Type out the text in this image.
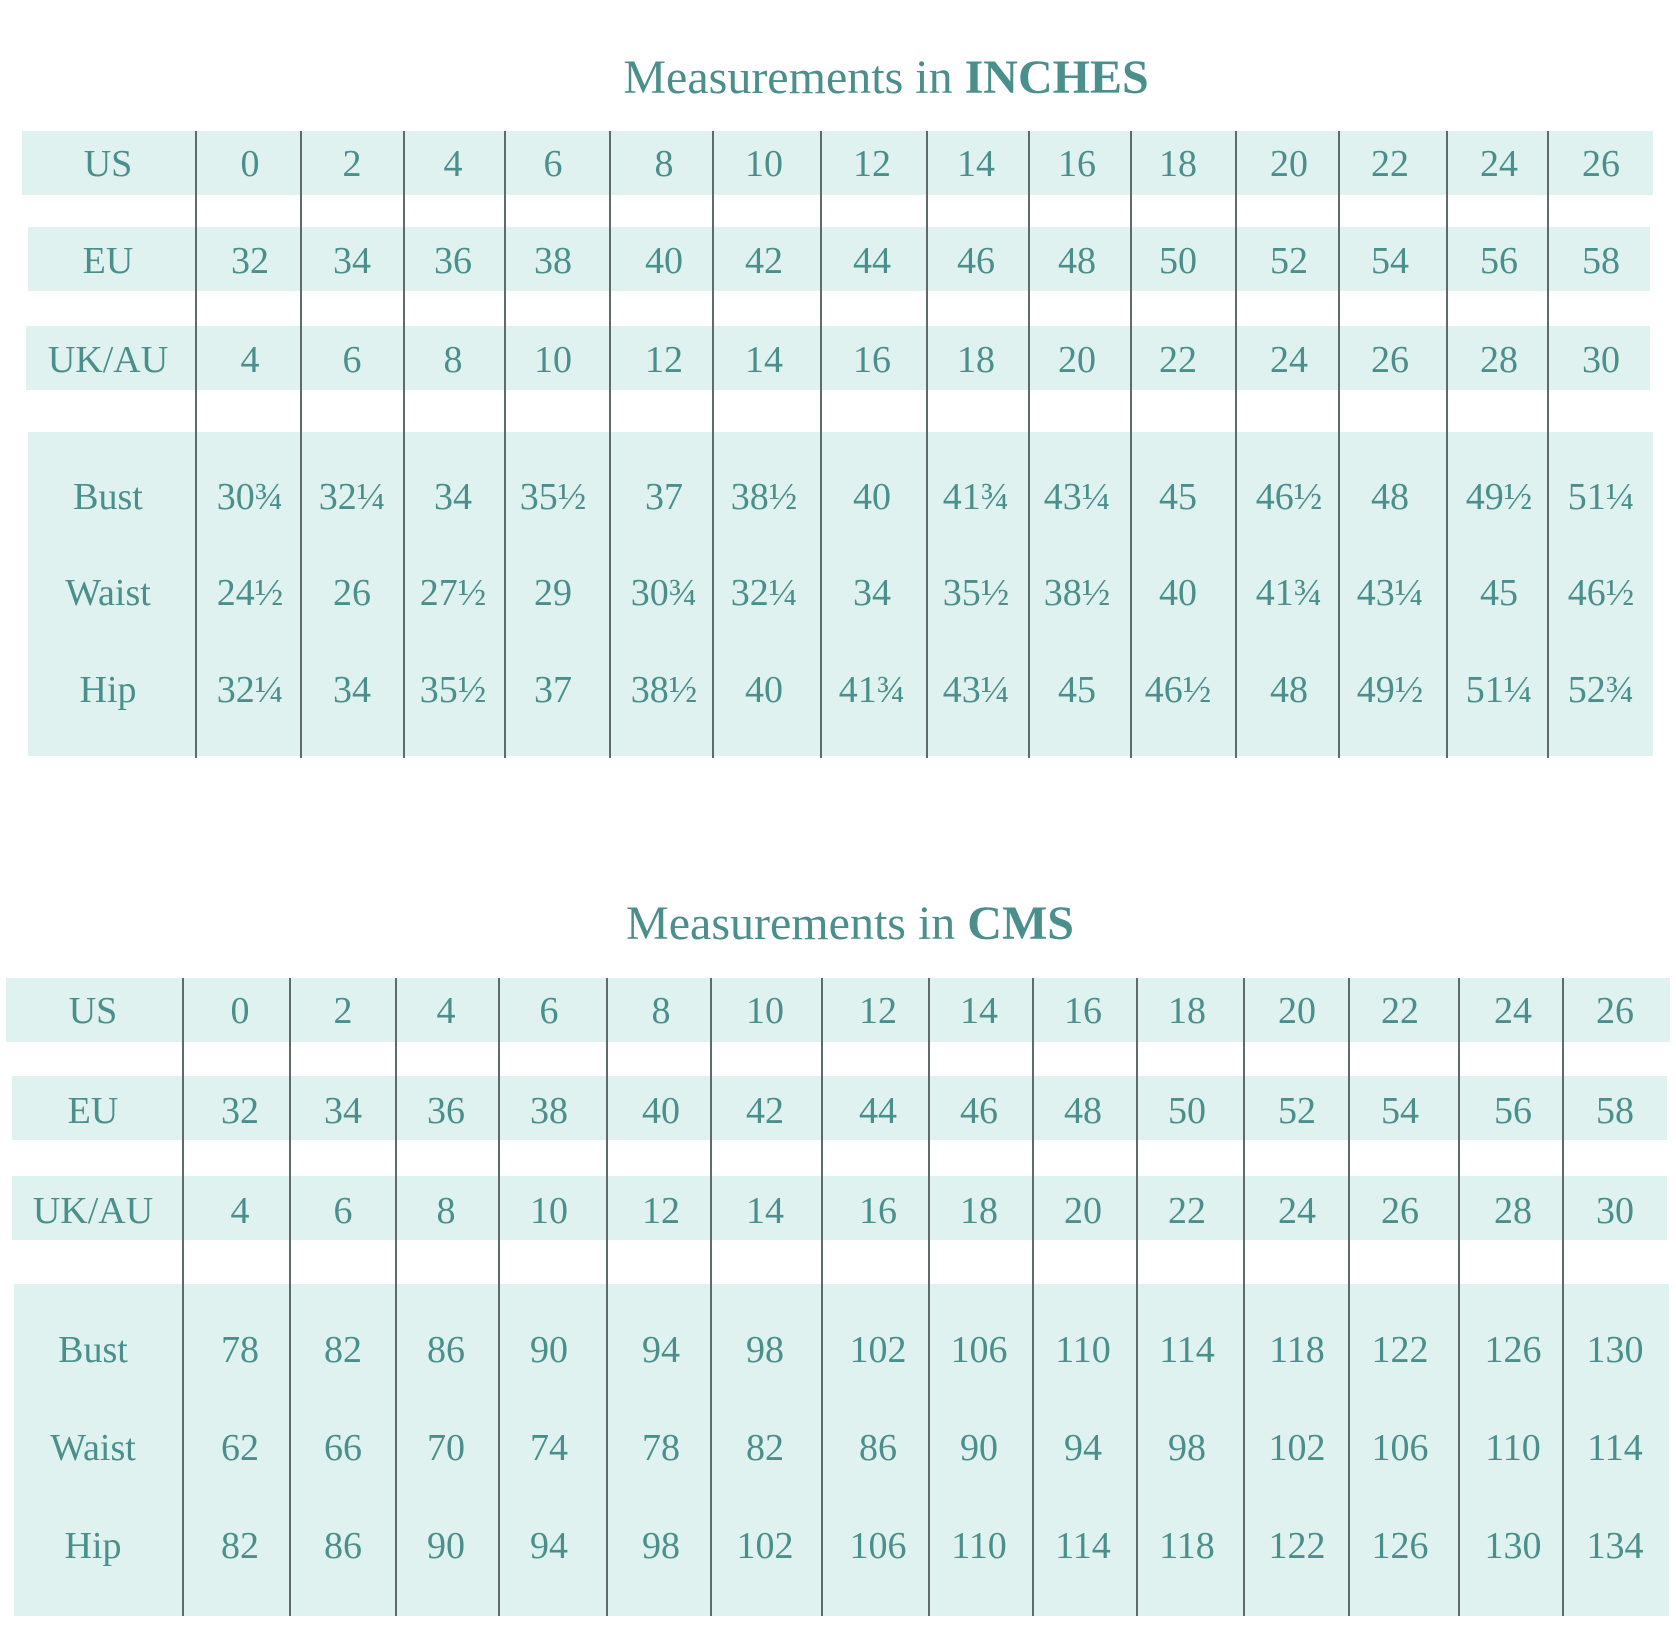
Measurements in INCHES
US	0 2 4 6 8 10 12 14 16 18 20 22 24 26
EU	32 34 36 38 40 42 44 46 48 50 52 54 56 58
UK/AU 4 6 8 10 12 14 16 18 20 22 24 26 28 30
Bust 30¾ 32¼ 34 35½ 37 38½ 40 41¾ 43¼ 45 46½ 48 49½ 51¼
Waist 24½ 26 27½ 29 30¾ 32¼ 34 35½ 38½ 40 41¾ 43¼ 45 46½
Hip 32¼ 34 35½ 37 38½ 40 41¾ 43¼ 45 46½ 48 49½ 51¼ 52¾
Measurements in CMS
US	0 2 4 6 8 10 12 14 16 18 20 22 24 26
EU	32 34 36 38 40 42 44 46 48 50 52 54 56 58
UK/AU 4 6 8 10 12 14 16 18 20 22 24 26 28 30
Bust 78 82 86 90 94 98 102 106 110 114 118 122 126 130
Waist 62 66 70 74 78 82 86 90 94 98 102 106 110 114
Hip	82 86 90 94 98 102 106 110 114 118 122 126 130 134
